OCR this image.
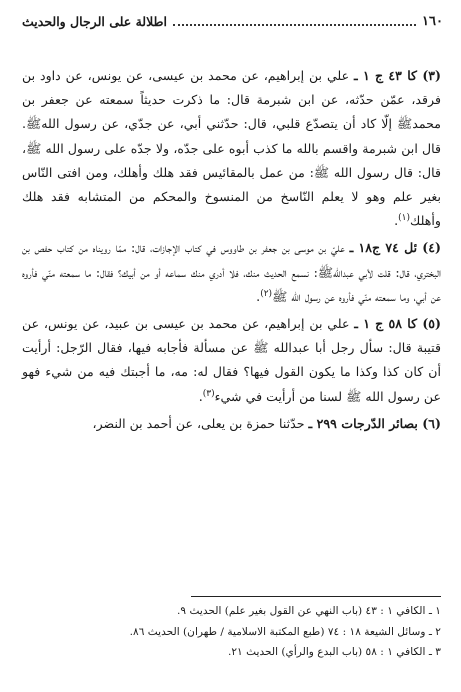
١٦٠
اطلالة على الرجال والحديث

(٣) كا ٤٣ ج ١ ـ علي بن إبراهيم، عن محمد بن عيسى، عن يونس، عن داود بن فرقد، عمّن حدّثه، عن ابن شبرمة قال: ما ذكرت حديثاً سمعته عن جعفر بن محمدﷺ إلّا كاد أن يتصدّع قلبي، قال: حدّثني أبي، عن جدّي، عن رسول اللهﷺ. قال ابن شبرمة واقسم بالله ما كذب أبوه على جدّه، ولا جدّه على رسول الله ﷺ، قال: قال رسول الله ﷺ: من عمل بالمقائيس فقد هلك وأهلك، ومن افتى النّاس بغير علم وهو لا يعلم النّاسخ من المنسوخ والمحكم من المتشابه فقد هلك وأهلك$^{(١)}$.

(٤) ئل ٧٤ ج١٨ ـ عليّ بن موسى بن جعفر بن طاووس في كتاب الإجازات، قال: ممّا رويناه من كتاب حفص بن البختري، قال: قلت لأبي عبداللهﷺ: نسمع الحديث منك، فلا أدري منك سماعه أو من أبيك؟ فقال: ما سمعته منّي فأروه عن أبي، وما سمعته منّي فأروه عن رسول الله ﷺ$^{(٢)}$.

(٥) كا ٥٨ ج ١ ـ علي بن إبراهيم، عن محمد بن عيسى بن عبيد، عن يونس، عن قتيبة قال: سأل رجل أبا عبدالله ﷺ عن مسألة فأجابه فيها، فقال الرّجل: أرأيت أن كان كذا وكذا ما يكون القول فيها؟ فقال له: مه، ما أجبتك فيه من شيء فهو عن رسول الله ﷺ لسنا من أرأيت في شيء$^{(٣)}$.

(٦) بصائر الدّرجات ٢٩٩ ـ حدّثنا حمزة بن يعلى، عن أحمد بن النضر،

١ ـ الكافي ١ : ٤٣ (باب النهي عن القول بغير علم) الحديث ٩.
٢ ـ وسائل الشيعة ١٨ : ٧٤ (طبع المكتبة الاسلامية / طهران) الحديث ٨٦.
٣ ـ الكافي ١ : ٥٨ (باب البدع والرأي) الحديث ٢١.
